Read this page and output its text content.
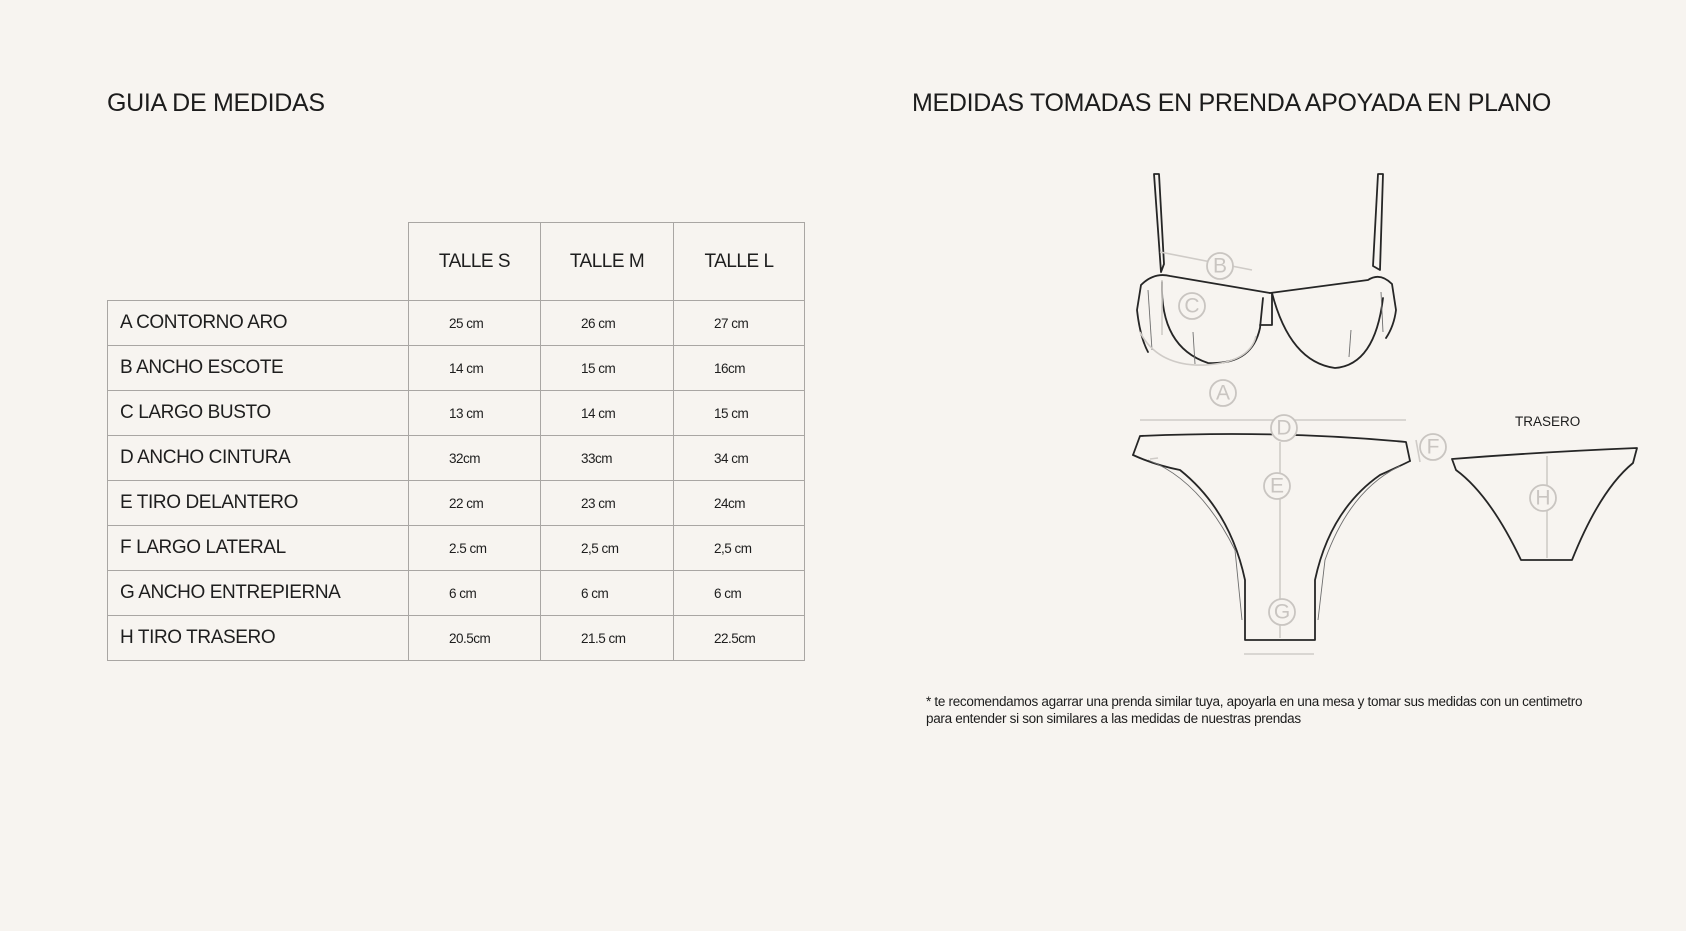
GUIA DE MEDIDAS	MEDIDAS TOMADAS EN PRENDA APOYADA EN PLANO
	TALLE S	TALLE M	TALLE L
A CONTORNO ARO	25 cm	26 cm	27 cm
B ANCHO ESCOTE	14 cm	15 cm	16cm
C LARGO BUSTO	13 cm	14 cm	15 cm
D ANCHO CINTURA	32cm	33cm	34 cm
E TIRO DELANTERO	22 cm	23 cm	24cm
F LARGO LATERAL	2.5 cm	2,5 cm	2,5 cm
G ANCHO ENTREPIERNA	6 cm	6 cm	6 cm
H TIRO TRASERO	20.5cm	21.5 cm	22.5cm
A
B
C
D
E
F
G
H
TRASERO
* te recomendamos agarrar una prenda similar tuya, apoyarla en una mesa y tomar sus medidas con un centimetro
para entender si son similares a las medidas de nuestras prendas
